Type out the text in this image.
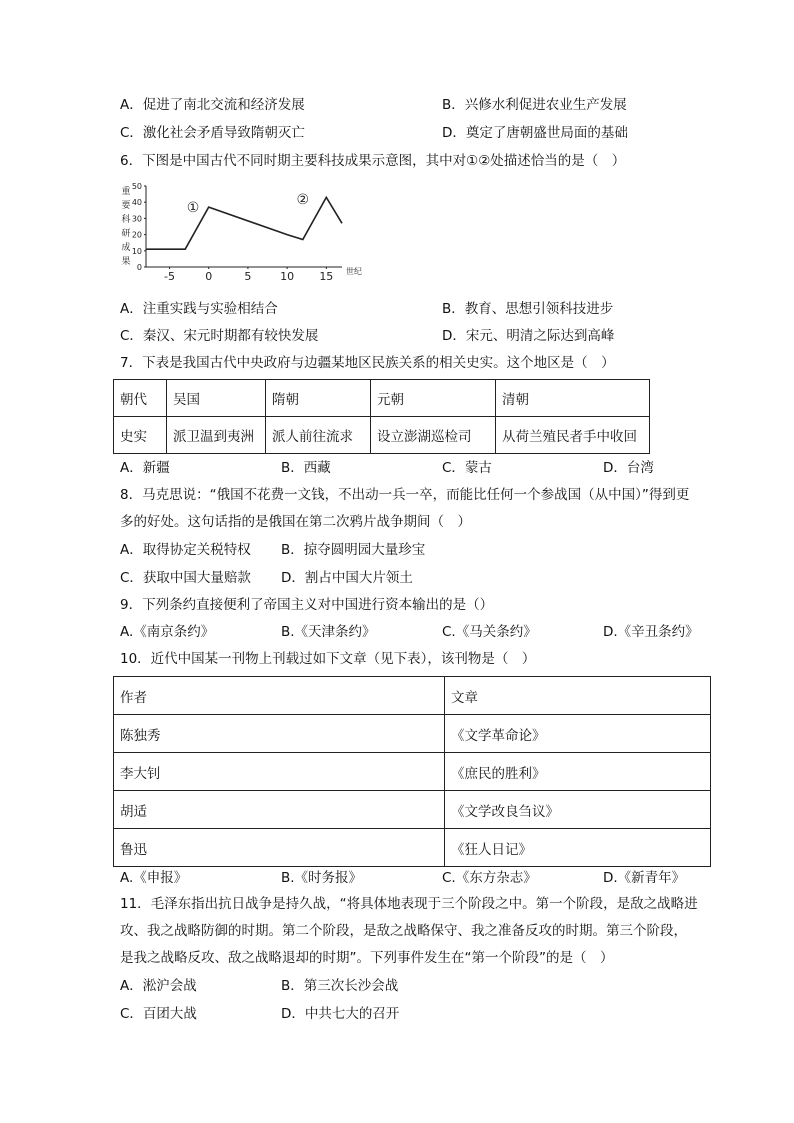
A．促进了南北交流和经济发展	B．兴修水利促进农业生产发展
C．激化社会矛盾导致隋朝灭亡	D．奠定了唐朝盛世局面的基础
6．下图是中国古代不同时期主要科技成果示意图，其中对①②处描述恰当的是（　）
重
要
科
研
成
果
0
10
20
30
40
50
-5	0	5	10 15
①
②
世纪
A．注重实践与实验相结合	B．教育、思想引领科技进步
C．秦汉、宋元时期都有较快发展	D．宋元、明清之际达到高峰
7．下表是我国古代中央政府与边疆某地区民族关系的相关史实。这个地区是（　）
朝代	吴国	隋朝	元朝	清朝
史实	派卫温到夷洲	派人前往流求	设立澎湖巡检司	从荷兰殖民者手中收回
A．新疆	B．西藏	C．蒙古	D．台湾
8．马克思说：“俄国不花费一文钱，不出动一兵一卒，而能比任何一个参战国（从中国）”得到更
多的好处。这句话指的是俄国在第二次鸦片战争期间（　）
A．取得协定关税特权 B．掠夺圆明园大量珍宝
C．获取中国大量赔款 D．割占中国大片领土
9．下列条约直接便利了帝国主义对中国进行资本输出的是（）
A.《南京条约》	B.《天津条约》	C.《马关条约》	D.《辛丑条约》
10．近代中国某一刊物上刊载过如下文章（见下表），该刊物是（　）
作者	文章
陈独秀	《文学革命论》
李大钊	《庶民的胜利》
胡适	《文学改良刍议》
鲁迅	《狂人日记》
A.《申报》	B.《时务报》	C.《东方杂志》	D.《新青年》
11．毛泽东指出抗日战争是持久战，“将具体地表现于三个阶段之中。第一个阶段，是敌之战略进
攻、我之战略防御的时期。第二个阶段，是敌之战略保守、我之准备反攻的时期。第三个阶段，
是我之战略反攻、敌之战略退却的时期”。下列事件发生在“第一个阶段”的是（　）
A．淞沪会战	B．第三次长沙会战
C．百团大战	D．中共七大的召开
